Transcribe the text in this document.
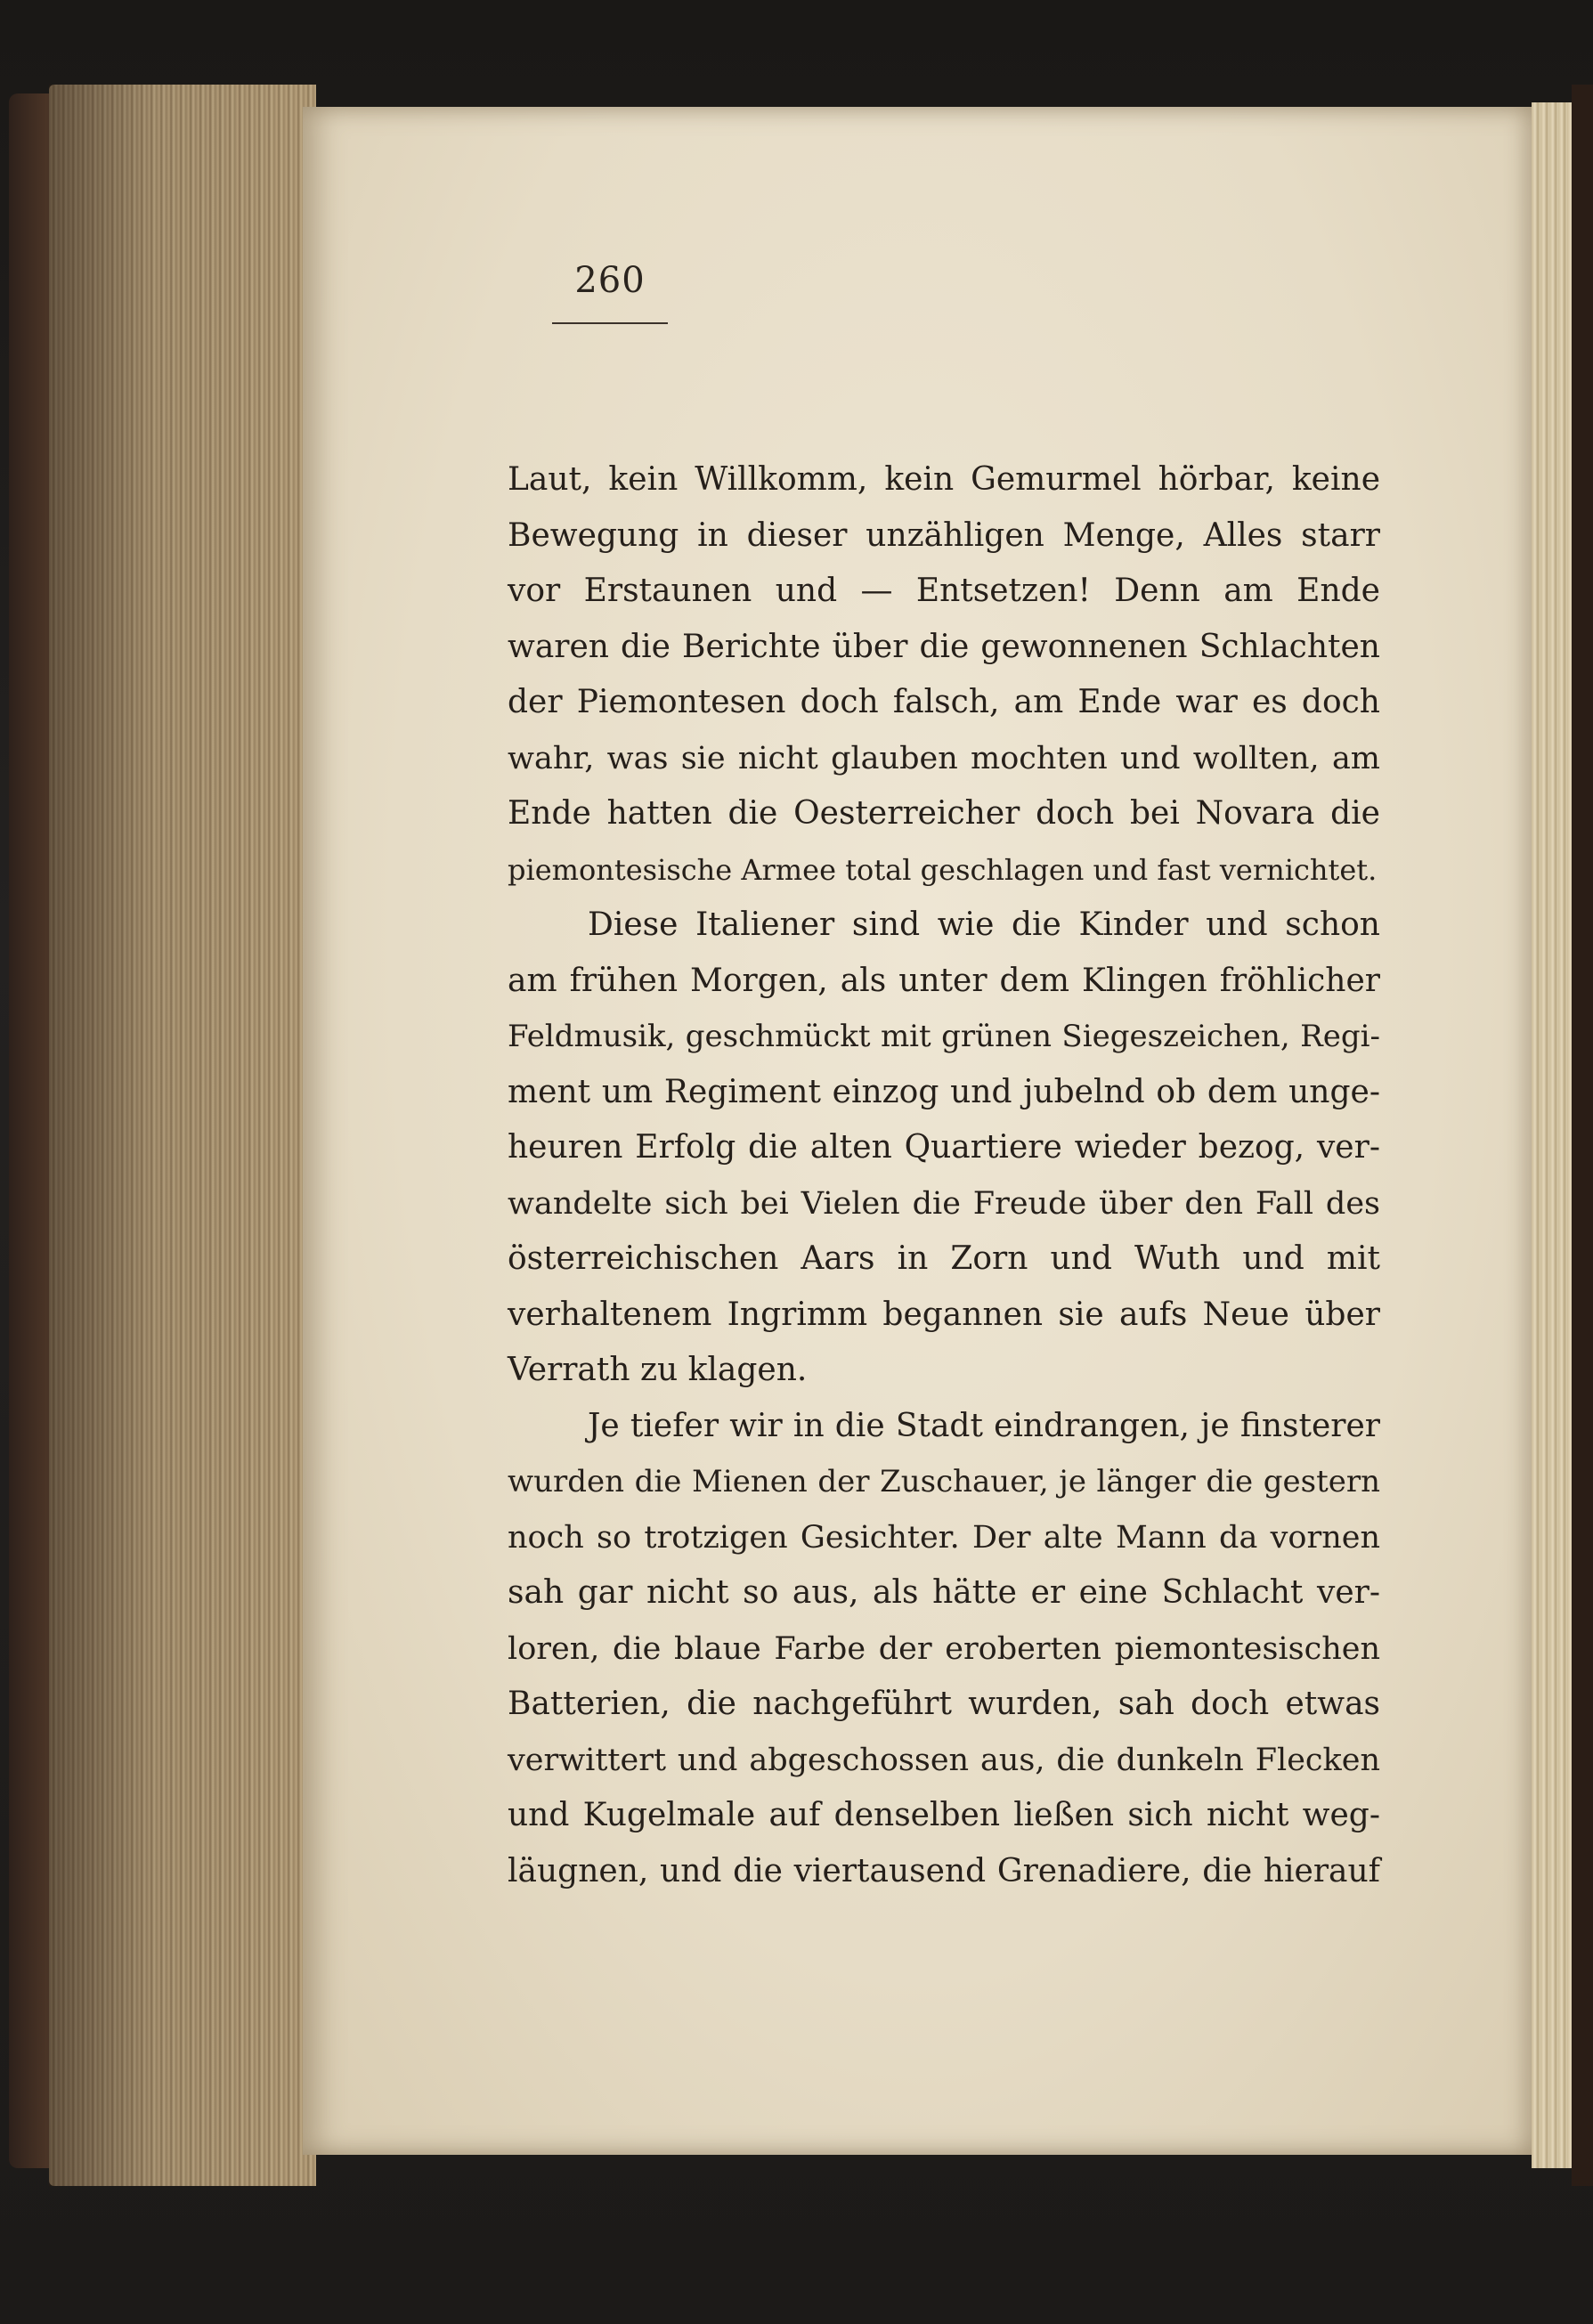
260
Laut, kein Willkomm, kein Gemurmel hörbar, keine
Bewegung in dieser unzähligen Menge, Alles starr
vor Erstaunen und — Entsetzen! Denn am Ende
waren die Berichte über die gewonnenen Schlachten
der Piemontesen doch falsch, am Ende war es doch
wahr, was sie nicht glauben mochten und wollten, am
Ende hatten die Oesterreicher doch bei Novara die
piemontesische Armee total geschlagen und fast vernichtet.
Diese Italiener sind wie die Kinder und schon
am frühen Morgen, als unter dem Klingen fröhlicher
Feldmusik, geschmückt mit grünen Siegeszeichen, Regi-
ment um Regiment einzog und jubelnd ob dem unge-
heuren Erfolg die alten Quartiere wieder bezog, ver-
wandelte sich bei Vielen die Freude über den Fall des
österreichischen Aars in Zorn und Wuth und mit
verhaltenem Ingrimm begannen sie aufs Neue über
Verrath zu klagen.
Je tiefer wir in die Stadt eindrangen, je finsterer
wurden die Mienen der Zuschauer, je länger die gestern
noch so trotzigen Gesichter. Der alte Mann da vornen
sah gar nicht so aus, als hätte er eine Schlacht ver-
loren, die blaue Farbe der eroberten piemontesischen
Batterien, die nachgeführt wurden, sah doch etwas
verwittert und abgeschossen aus, die dunkeln Flecken
und Kugelmale auf denselben ließen sich nicht weg-
läugnen, und die viertausend Grenadiere, die hierauf
